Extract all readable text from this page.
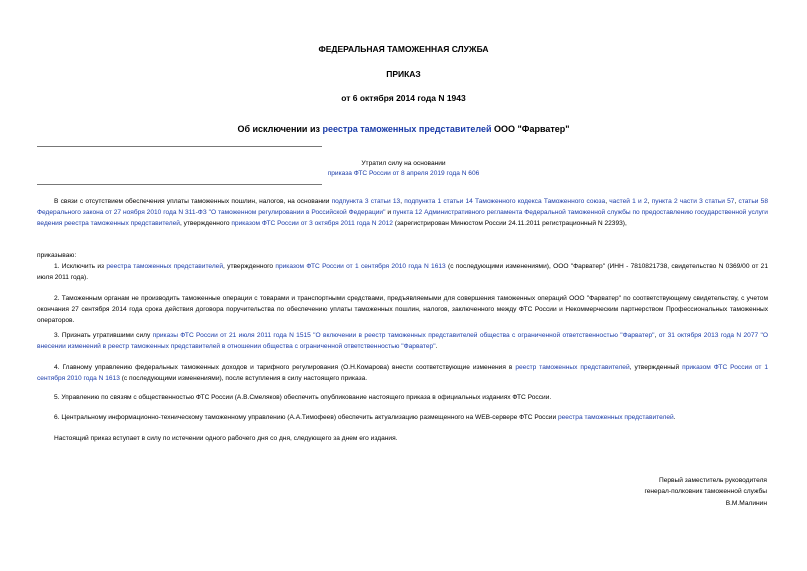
ФЕДЕРАЛЬНАЯ ТАМОЖЕННАЯ СЛУЖБА
ПРИКАЗ
от 6 октября 2014 года N 1943
Об исключении из реестра таможенных представителей ООО "Фарватер"
Утратил силу на основании
приказа ФТС России от 8 апреля 2019 года N 606
В связи с отсутствием обеспечения уплаты таможенных пошлин, налогов, на основании подпункта 3 статьи 13, подпункта 1 статьи 14 Таможенного кодекса Таможенного союза, частей 1 и 2, пункта 2 части 3 статьи 57, статьи 58 Федерального закона от 27 ноября 2010 года N 311-ФЗ "О таможенном регулировании в Российской Федерации" и пункта 12 Административного регламента Федеральной таможенной службы по предоставлению государственной услуги ведения реестра таможенных представителей, утвержденного приказом ФТС России от 3 октября 2011 года N 2012 (зарегистрирован Минюстом России 24.11.2011 регистрационный N 22393),
приказываю:
1. Исключить из реестра таможенных представителей, утвержденного приказом ФТС России от 1 сентября 2010 года N 1613 (с последующими изменениями), ООО "Фарватер" (ИНН - 7810821738, свидетельство N 0369/00 от 21 июля 2011 года).
2. Таможенным органам не производить таможенные операции с товарами и транспортными средствами, предъявляемыми для совершения таможенных операций ООО "Фарватер" по соответствующему свидетельству, с учетом окончания 27 сентября 2014 года срока действия договора поручительства по обеспечению уплаты таможенных пошлин, налогов, заключенного между ФТС России и Некоммерческим партнерством Профессиональных таможенных операторов.
3. Признать утратившими силу приказы ФТС России от 21 июля 2011 года N 1515 "О включении в реестр таможенных представителей общества с ограниченной ответственностью "Фарватер", от 31 октября 2013 года N 2077 "О внесении изменений в реестр таможенных представителей в отношении общества с ограниченной ответственностью "Фарватер".
4. Главному управлению федеральных таможенных доходов и тарифного регулирования (О.Н.Комарова) внести соответствующие изменения в реестр таможенных представителей, утвержденный приказом ФТС России от 1 сентября 2010 года N 1613 (с последующими изменениями), после вступления в силу настоящего приказа.
5. Управлению по связям с общественностью ФТС России (А.В.Смеляков) обеспечить опубликование настоящего приказа в официальных изданиях ФТС России.
6. Центральному информационно-техническому таможенному управлению (А.А.Тимофеев) обеспечить актуализацию размещенного на WEB-сервере ФТС России реестра таможенных представителей.
Настоящий приказ вступает в силу по истечении одного рабочего дня со дня, следующего за днем его издания.
Первый заместитель руководителя
генерал-полковник таможенной службы
В.М.Малинин
